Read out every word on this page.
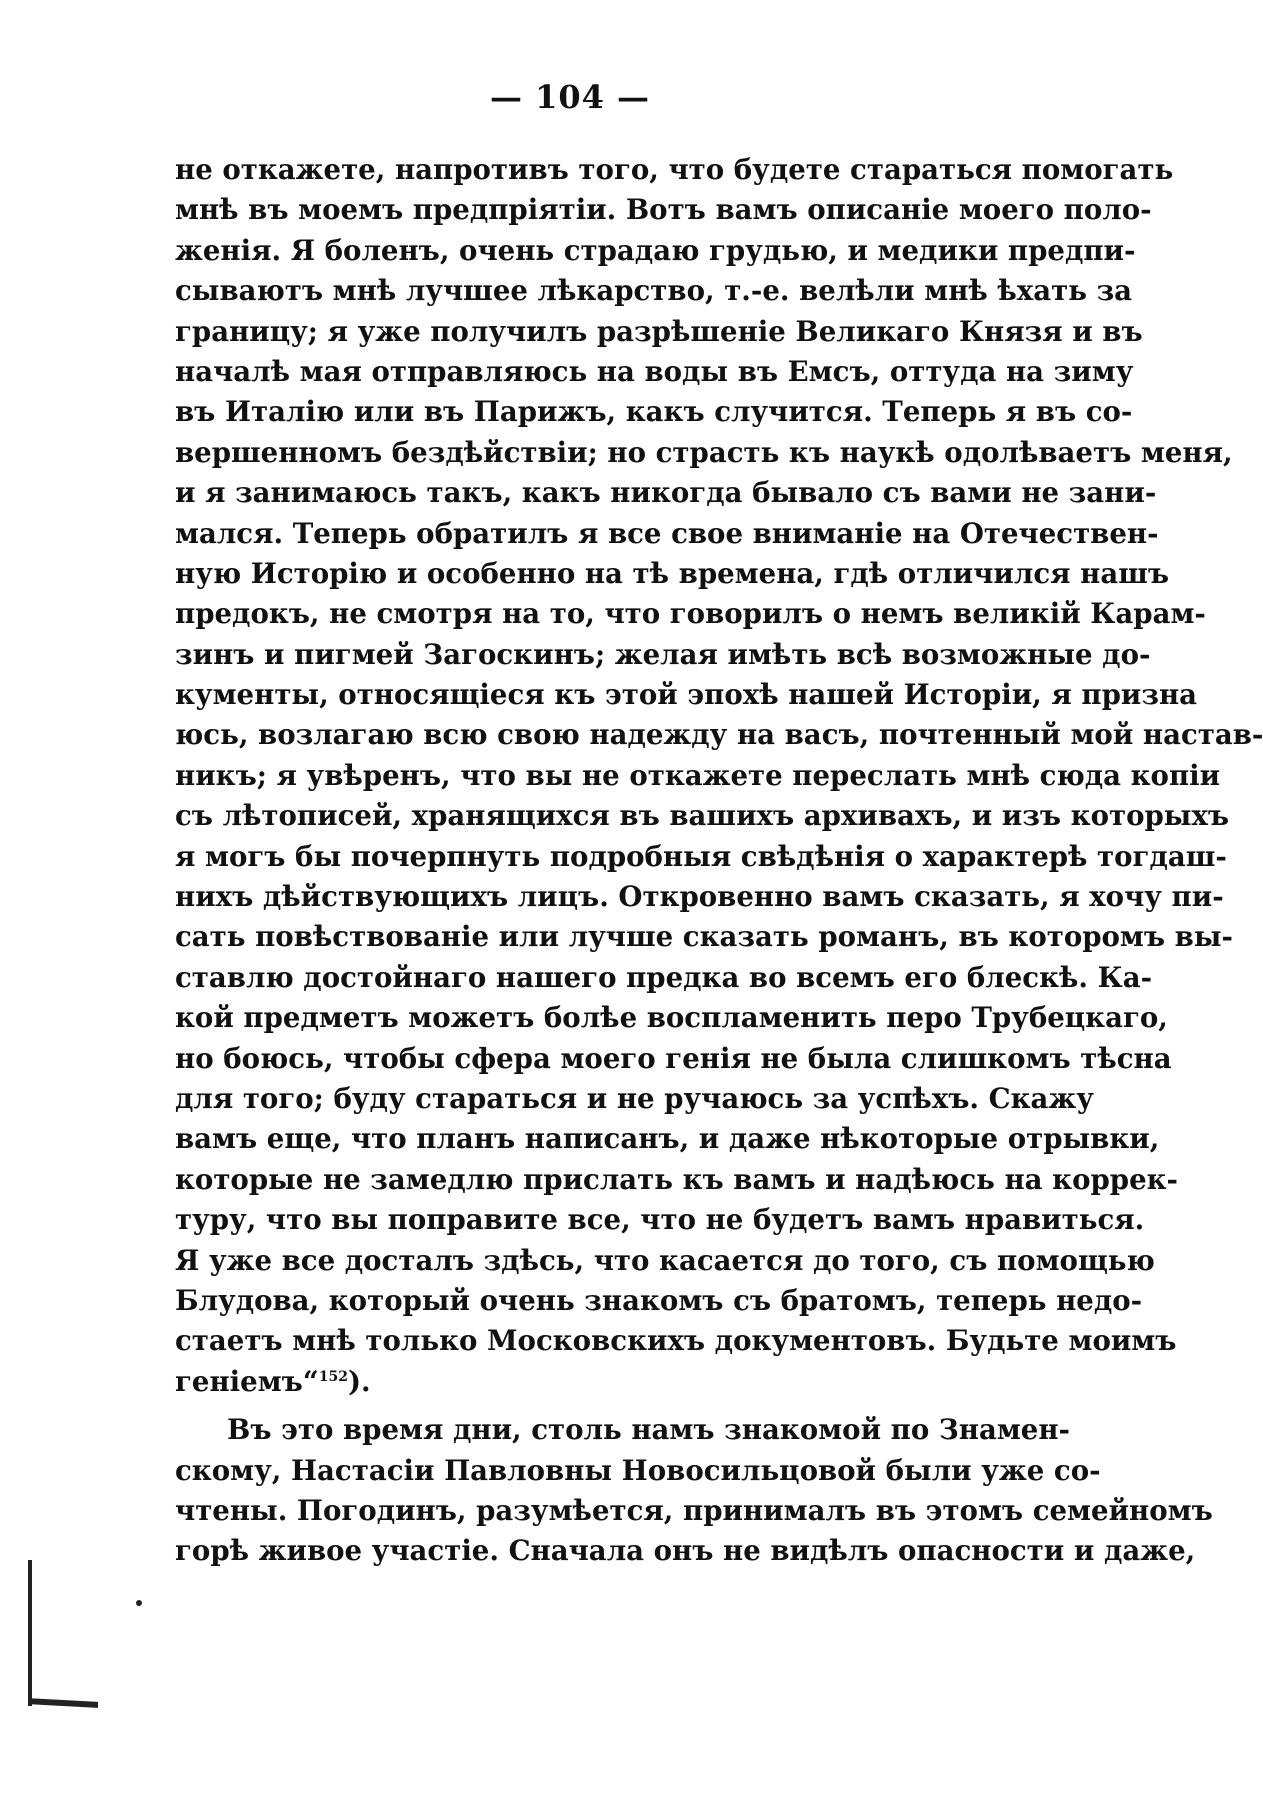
— 104 —
не откажете, напротивъ того, что будете стараться помогать
мнѣ въ моемъ предпріятіи. Вотъ вамъ описаніе моего поло-
женія. Я боленъ, очень страдаю грудью, и медики предпи-
сываютъ мнѣ лучшее лѣкарство, т.-е. велѣли мнѣ ѣхать за
границу; я уже получилъ разрѣшеніе Великаго Князя и въ
началѣ мая отправляюсь на воды въ Емсъ, оттуда на зиму
въ Италію или въ Парижъ, какъ случится. Теперь я въ со-
вершенномъ бездѣйствіи; но страсть къ наукѣ одолѣваетъ меня,
и я занимаюсь такъ, какъ никогда бывало съ вами не зани-
мался. Теперь обратилъ я все свое вниманіе на Отечествен-
ную Исторію и особенно на тѣ времена, гдѣ отличился нашъ
предокъ, не смотря на то, что говорилъ о немъ великій Карам-
зинъ и пигмей Загоскинъ; желая имѣть всѣ возможные до-
кументы, относящіеся къ этой эпохѣ нашей Исторіи, я призна
юсь, возлагаю всю свою надежду на васъ, почтенный мой настав-
никъ; я увѣренъ, что вы не откажете переслать мнѣ сюда копіи
съ лѣтописей, хранящихся въ вашихъ архивахъ, и изъ которыхъ
я могъ бы почерпнуть подробныя свѣдѣнія о характерѣ тогдаш-
нихъ дѣйствующихъ лицъ. Откровенно вамъ сказать, я хочу пи-
сать повѣствованіе или лучше сказать романъ, въ которомъ вы-
ставлю достойнаго нашего предка во всемъ его блескѣ. Ка-
кой предметъ можетъ болѣе воспламенить перо Трубецкаго,
но боюсь, чтобы сфера моего генія не была слишкомъ тѣсна
для того; буду стараться и не ручаюсь за успѣхъ. Скажу
вамъ еще, что планъ написанъ, и даже нѣкоторые отрывки,
которые не замедлю прислать къ вамъ и надѣюсь на коррек-
туру, что вы поправите все, что не будетъ вамъ нравиться.
Я уже все досталъ здѣсь, что касается до того, съ помощью
Блудова, который очень знакомъ съ братомъ, теперь недо-
стаетъ мнѣ только Московскихъ документовъ. Будьте моимъ
геніемъ“$^{152}$).
Въ это время дни, столь намъ знакомой по Знамен-
скому, Настасіи Павловны Новосильцовой были уже со-
чтены. Погодинъ, разумѣется, принималъ въ этомъ семейномъ
горѣ живое участіе. Сначала онъ не видѣлъ опасности и даже,
